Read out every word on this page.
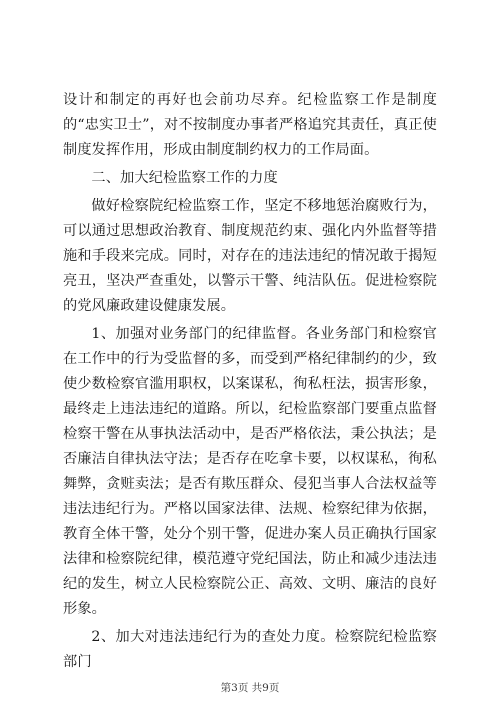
设计和制定的再好也会前功尽弃。纪检监察工作是制度的“忠实卫士”，对不按制度办事者严格追究其责任，真正使制度发挥作用，形成由制度制约权力的工作局面。

二、加大纪检监察工作的力度

做好检察院纪检监察工作，坚定不移地惩治腐败行为，可以通过思想政治教育、制度规范约束、强化内外监督等措施和手段来完成。同时，对存在的违法违纪的情况敢于揭短亮丑，坚决严查重处，以警示干警、纯洁队伍。促进检察院的党风廉政建设健康发展。

1、加强对业务部门的纪律监督。各业务部门和检察官在工作中的行为受监督的多，而受到严格纪律制约的少，致使少数检察官滥用职权，以案谋私，徇私枉法，损害形象，最终走上违法违纪的道路。所以，纪检监察部门要重点监督检察干警在从事执法活动中，是否严格依法，秉公执法；是否廉洁自律执法守法；是否存在吃拿卡要，以权谋私，徇私舞弊，贪赃卖法；是否有欺压群众、侵犯当事人合法权益等违法违纪行为。严格以国家法律、法规、检察纪律为依据，教育全体干警，处分个别干警，促进办案人员正确执行国家法律和检察院纪律，模范遵守党纪国法，防止和减少违法违纪的发生，树立人民检察院公正、高效、文明、廉洁的良好形象。

2、加大对违法违纪行为的查处力度。检察院纪检监察部门

第3页 共9页
